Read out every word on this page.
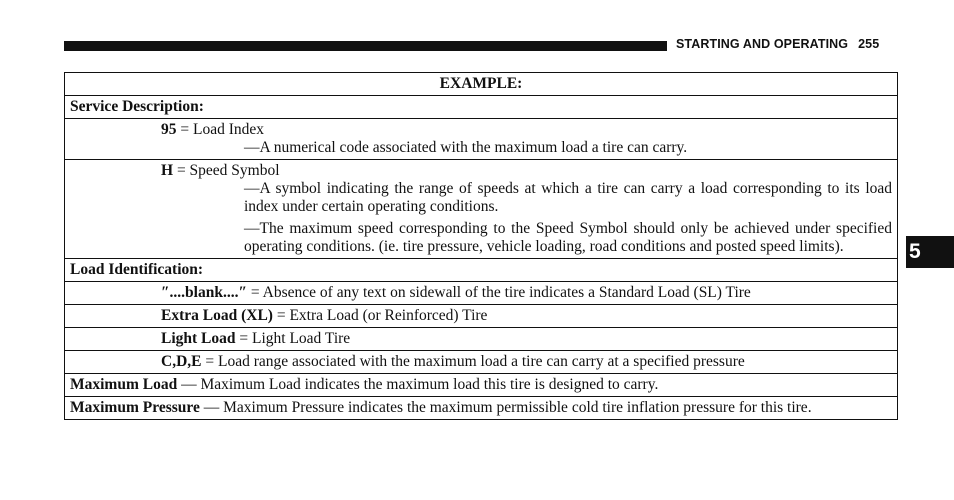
STARTING AND OPERATING 255
5
EXAMPLE:
Service Description:

95 = Load Index
—A numerical code associated with the maximum load a tire can carry.

H = Speed Symbol
—A symbol indicating the range of speeds at which a tire can carry a load corresponding to its load index under certain operating conditions.
—The maximum speed corresponding to the Speed Symbol should only be achieved under specified operating conditions. (ie. tire pressure, vehicle loading, road conditions and posted speed limits).

Load Identification:
″....blank....″ = Absence of any text on sidewall of the tire indicates a Standard Load (SL) Tire
Extra Load (XL) = Extra Load (or Reinforced) Tire
Light Load = Light Load Tire
C,D,E = Load range associated with the maximum load a tire can carry at a specified pressure
Maximum Load — Maximum Load indicates the maximum load this tire is designed to carry.
Maximum Pressure — Maximum Pressure indicates the maximum permissible cold tire inflation pressure for this tire.
